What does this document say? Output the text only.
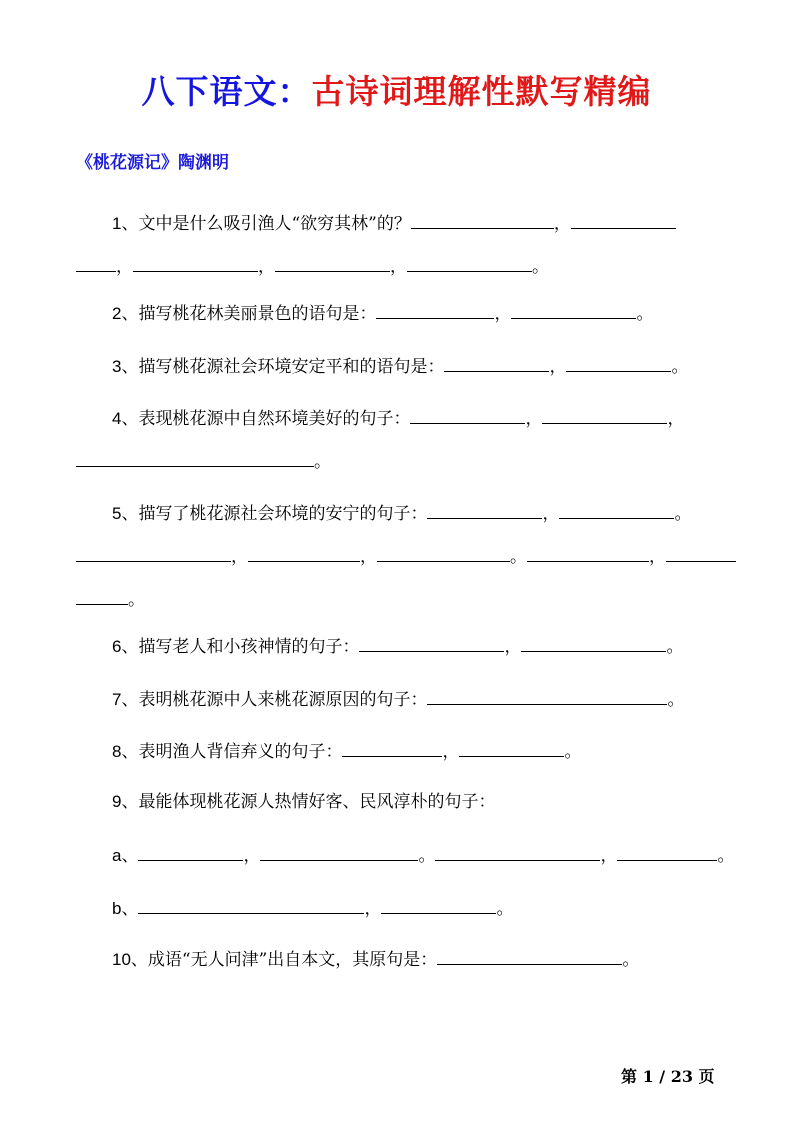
八下语文：古诗词理解性默写精编
《桃花源记》陶渊明
1、文中是什么吸引渔人“欲穷其林”的？	，
，	，	，	。
2、描写桃花林美丽景色的语句是：	，	。
3、描写桃花源社会环境安定平和的语句是：	，	。
4、表现桃花源中自然环境美好的句子：	，	，
。
5、描写了桃花源社会环境的安宁的句子：	，	。
，	，	。	，
。
6、描写老人和小孩神情的句子：	，	。
7、表明桃花源中人来桃花源原因的句子：	。
8、表明渔人背信弃义的句子：	，	。
9、最能体现桃花源人热情好客、民风淳朴的句子：
a、	，	。	，	。
b、	，	。
10、成语“无人问津”出自本文，其原句是：	。
第 1 / 23 页
